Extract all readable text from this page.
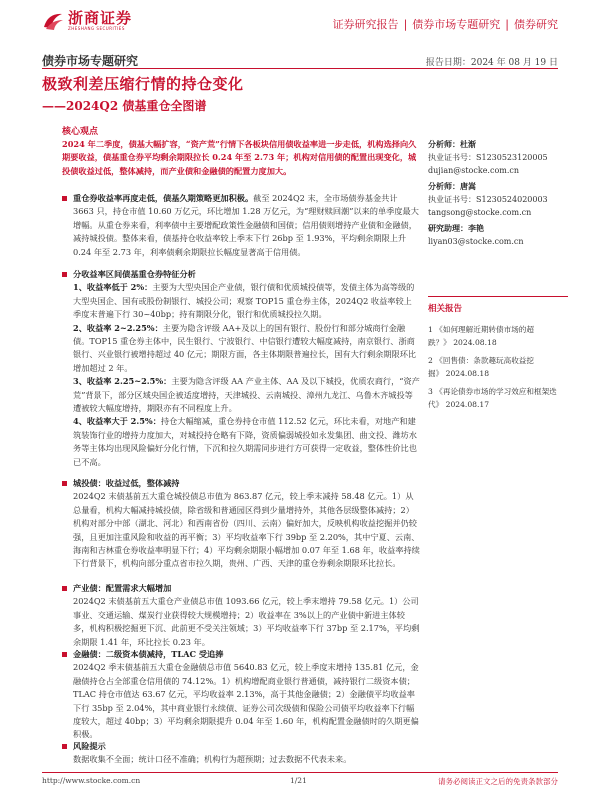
浙商证券
ZHESHANG SECURITIES	证券研究报告 | 债券市场专题研究 | 债券研究
债券市场专题研究	报告日期：2024 年 08 月 19 日
极致利差压缩行情的持仓变化
——2024Q2 债基重仓全图谱
核心观点
2024 年二季度，债基大幅扩容，“资产荒”行情下各板块信用债收益率进一步走低，机构选择向久期要收益，债基重仓券平均剩余期限拉长 0.24 年至 2.73 年；机构对信用债的配置出现变化，城投债收益过低，整体减持，而产业债和金融债的配置力度加大。
重仓券收益率再度走低，债基久期策略更加积极。截至 2024Q2 末，全市场债券基金共计 3663 只，持仓市值 10.60 万亿元，环比增加 1.28 万亿元，为“理财赎回潮”以来的单季度最大增幅。从重仓券来看，利率债中主要增配政策性金融债和国债；信用债则增持产业债和金融债，减持城投债。整体来看，债基持仓收益率较上季末下行 26bp 至 1.93%，平均剩余期限上升 0.24 年至 2.73 年，利率债剩余期限拉长幅度显著高于信用债。
分收益率区间债基重仓券特征分析
1、收益率低于 2%：主要为大型央国企产业债，银行债和优质城投债等，发债主体为高等级的大型央国企、国有或股份制银行、城投公司；观察 TOP15 重仓券主体，2024Q2 收益率较上季度末普遍下行 30~40bp；持有期限分化，银行和优质城投拉久期。
2、收益率 2~2.25%：主要为隐含评级 AA+及以上的国有银行、股份行和部分城商行金融债。TOP15 重仓券主体中，民生银行、宁波银行、中信银行遭较大幅度减持，南京银行、浙商银行、兴业银行被增持超过 40 亿元；期限方面，各主体期限普遍拉长，国有大行剩余期限环比增加超过 2 年。
3、收益率 2.25~2.5%：主要为隐含评级 AA 产业主体、AA 及以下城投，优质农商行，“资产荒”背景下，部分区域央国企被适度增持，天津城投、云南城投、漳州九龙江、乌鲁木齐城投等遭被较大幅度增持，期限亦有不同程度上升。
4、收益率大于 2.5%：持仓大幅缩减，重仓券持仓市值 112.52 亿元，环比未看，对地产和建筑装饰行业的增持力度加大，对城投持仓略有下降，资质偏弱城投如永发集团、曲文投、潍坊水务等主体均出现风险偏好分化行情，下沉和拉久期需同步进行方可获得一定收益，整体性价比也已不高。
城投债：收益过低，整体减持
2024Q2 末债基前五大重仓城投债总市值为 863.87 亿元，较上季末减持 58.48 亿元。1）从总量看，机构大幅减持城投债，除省级和普通园区得到少量增持外，其他各层级整体减持；2）机构对部分中部（湖北、河北）和西南省份（四川、云南）偏好加大，反映机构收益挖掘并仍较强，且更加注重风险和收益的再平衡；3）平均收益率下行 39bp 至 2.20%，其中宁夏、云南、海南和吉林重仓券收益率明显下行；4）平均剩余期限小幅增加 0.07 年至 1.68 年，收益率持续下行背景下，机构向部分重点省市拉久期，贵州、广西、天津的重仓券剩余期限环比拉长。
产业债：配置需求大幅增加
2024Q2 末债基前五大重仓产业债总市值 1093.66 亿元，较上季末增持 79.58 亿元。1）公司事业、交通运输、煤炭行业获得较大规模增持；2）收益率在 3%以上的产业债中新进主体较多，机构积极挖掘更下沉、此前更不受关注领域；3）平均收益率下行 37bp 至 2.17%，平均剩余期限 1.41 年，环比拉长 0.23 年。
金融债：二级资本债减持，TLAC 受追捧
2024Q2 季末债基前五大重仓金融债总市值 5640.83 亿元，较上季度末增持 135.81 亿元，金融债持仓占全部重仓信用债的 74.12%。1）机构增配商业银行普通债，减持银行二级资本债；TLAC 持仓市值达 63.67 亿元，平均收益率 2.13%，高于其他金融债；2）金融债平均收益率下行 35bp 至 2.04%，其中商业银行永续债、证券公司次级债和保险公司债平均收益率下行幅度较大，超过 40bp；3）平均剩余期限提升 0.04 年至 1.60 年，机构配置金融债时的久期更偏积极。
风险提示
数据收集不全面；统计口径不准确；机构行为超预期；过去数据不代表未来。
分析师：杜渐
执业证书号：S1230523120005
dujian@stocke.com.cn
分析师：唐嵩
执业证书号：S1230524020003
tangsong@stocke.com.cn
研究助理：李艳
liyan03@stocke.com.cn
相关报告
1 《如何理解近期转债市场的超跌？》 2024.08.18
2 《回售债：条款趣玩高收益挖掘》 2024.08.18
3 《再论债券市场的学习效应和框架迭代》 2024.08.17
http://www.stocke.com.cn	1/21	请务必阅读正文之后的免责条款部分
